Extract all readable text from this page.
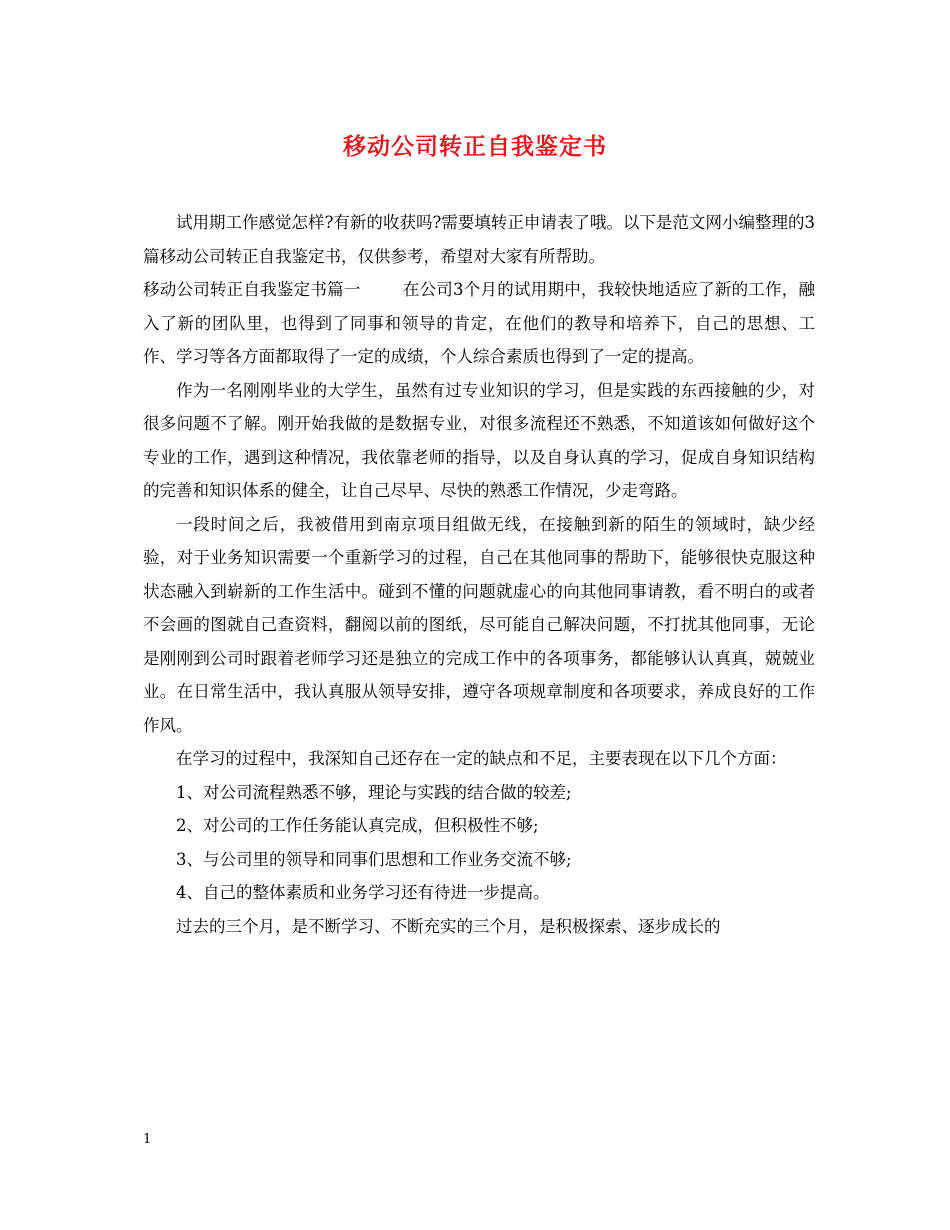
移动公司转正自我鉴定书

试用期工作感觉怎样?有新的收获吗?需要填转正申请表了哦。以下是范文网小编整理的3篇移动公司转正自我鉴定书，仅供参考，希望对大家有所帮助。

移动公司转正自我鉴定书篇一	在公司3个月的试用期中，我较快地适应了新的工作，融入了新的团队里，也得到了同事和领导的肯定，在他们的教导和培养下，自己的思想、工作、学习等各方面都取得了一定的成绩，个人综合素质也得到了一定的提高。

作为一名刚刚毕业的大学生，虽然有过专业知识的学习，但是实践的东西接触的少，对很多问题不了解。刚开始我做的是数据专业，对很多流程还不熟悉，不知道该如何做好这个专业的工作，遇到这种情况，我依靠老师的指导，以及自身认真的学习，促成自身知识结构的完善和知识体系的健全，让自己尽早、尽快的熟悉工作情况，少走弯路。

一段时间之后，我被借用到南京项目组做无线，在接触到新的陌生的领域时，缺少经验，对于业务知识需要一个重新学习的过程，自己在其他同事的帮助下，能够很快克服这种状态融入到崭新的工作生活中。碰到不懂的问题就虚心的向其他同事请教，看不明白的或者不会画的图就自己查资料，翻阅以前的图纸，尽可能自己解决问题，不打扰其他同事，无论是刚刚到公司时跟着老师学习还是独立的完成工作中的各项事务，都能够认认真真，兢兢业业。在日常生活中，我认真服从领导安排，遵守各项规章制度和各项要求，养成良好的工作作风。

在学习的过程中，我深知自己还存在一定的缺点和不足，主要表现在以下几个方面：

1、对公司流程熟悉不够，理论与实践的结合做的较差;

2、对公司的工作任务能认真完成，但积极性不够;

3、与公司里的领导和同事们思想和工作业务交流不够;

4、自己的整体素质和业务学习还有待进一步提高。

过去的三个月，是不断学习、不断充实的三个月，是积极探索、逐步成长的

1
